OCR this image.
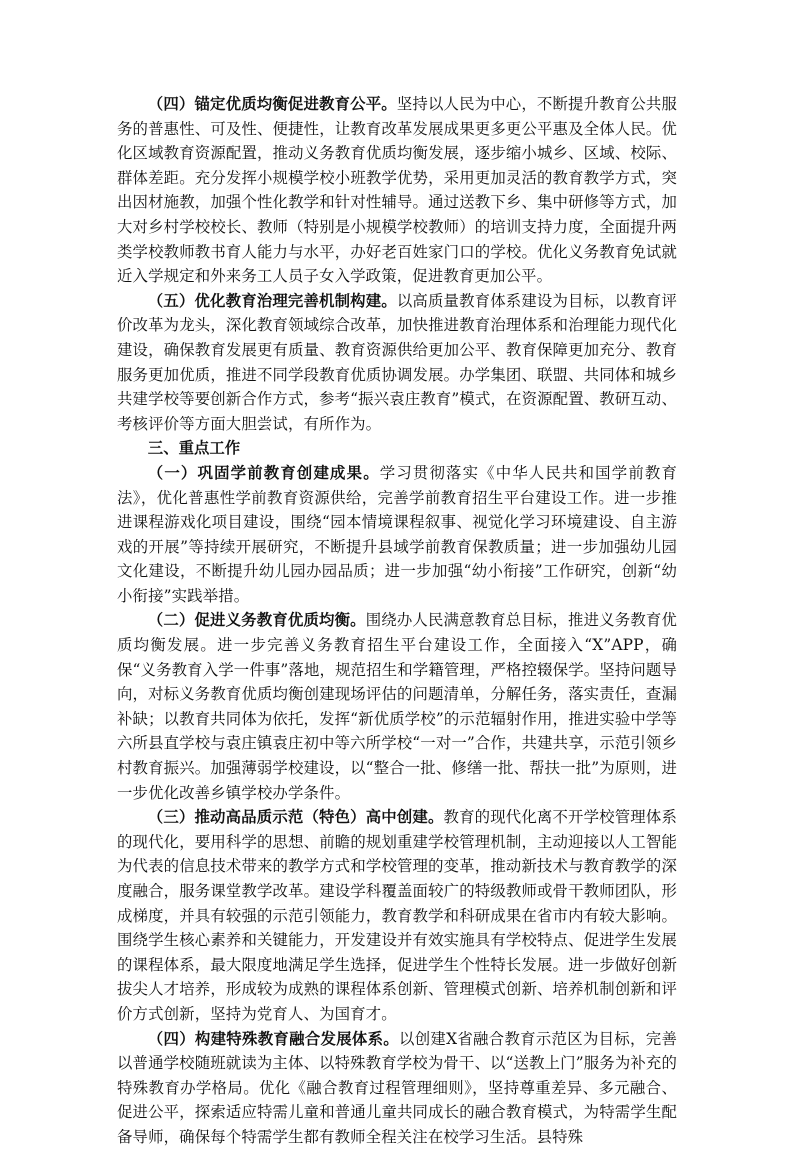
（四）锚定优质均衡促进教育公平。坚持以人民为中心，不断提升教育公共服务的普惠性、可及性、便捷性，让教育改革发展成果更多更公平惠及全体人民。优化区域教育资源配置，推动义务教育优质均衡发展，逐步缩小城乡、区域、校际、群体差距。充分发挥小规模学校小班教学优势，采用更加灵活的教育教学方式，突出因材施教，加强个性化教学和针对性辅导。通过送教下乡、集中研修等方式，加大对乡村学校校长、教师（特别是小规模学校教师）的培训支持力度，全面提升两类学校教师教书育人能力与水平，办好老百姓家门口的学校。优化义务教育免试就近入学规定和外来务工人员子女入学政策，促进教育更加公平。

（五）优化教育治理完善机制构建。以高质量教育体系建设为目标，以教育评价改革为龙头，深化教育领域综合改革，加快推进教育治理体系和治理能力现代化建设，确保教育发展更有质量、教育资源供给更加公平、教育保障更加充分、教育服务更加优质，推进不同学段教育优质协调发展。办学集团、联盟、共同体和城乡共建学校等要创新合作方式，参考“振兴袁庄教育”模式，在资源配置、教研互动、考核评价等方面大胆尝试，有所作为。

三、重点工作

（一）巩固学前教育创建成果。学习贯彻落实《中华人民共和国学前教育法》，优化普惠性学前教育资源供给，完善学前教育招生平台建设工作。进一步推进课程游戏化项目建设，围绕“园本情境课程叙事、视觉化学习环境建设、自主游戏的开展”等持续开展研究，不断提升县域学前教育保教质量；进一步加强幼儿园文化建设，不断提升幼儿园办园品质；进一步加强“幼小衔接”工作研究，创新“幼小衔接”实践举措。

（二）促进义务教育优质均衡。围绕办人民满意教育总目标，推进义务教育优质均衡发展。进一步完善义务教育招生平台建设工作，全面接入“X”APP，确保“义务教育入学一件事”落地，规范招生和学籍管理，严格控辍保学。坚持问题导向，对标义务教育优质均衡创建现场评估的问题清单，分解任务，落实责任，查漏补缺；以教育共同体为依托，发挥“新优质学校”的示范辐射作用，推进实验中学等六所县直学校与袁庄镇袁庄初中等六所学校“一对一”合作，共建共享，示范引领乡村教育振兴。加强薄弱学校建设，以“整合一批、修缮一批、帮扶一批”为原则，进一步优化改善乡镇学校办学条件。

（三）推动高品质示范（特色）高中创建。教育的现代化离不开学校管理体系的现代化，要用科学的思想、前瞻的规划重建学校管理机制，主动迎接以人工智能为代表的信息技术带来的教学方式和学校管理的变革，推动新技术与教育教学的深度融合，服务课堂教学改革。建设学科覆盖面较广的特级教师或骨干教师团队，形成梯度，并具有较强的示范引领能力，教育教学和科研成果在省市内有较大影响。围绕学生核心素养和关键能力，开发建设并有效实施具有学校特点、促进学生发展的课程体系，最大限度地满足学生选择，促进学生个性特长发展。进一步做好创新拔尖人才培养，形成较为成熟的课程体系创新、管理模式创新、培养机制创新和评价方式创新，坚持为党育人、为国育才。

（四）构建特殊教育融合发展体系。以创建X省融合教育示范区为目标，完善以普通学校随班就读为主体、以特殊教育学校为骨干、以“送教上门”服务为补充的特殊教育办学格局。优化《融合教育过程管理细则》，坚持尊重差异、多元融合、促进公平，探索适应特需儿童和普通儿童共同成长的融合教育模式，为特需学生配备导师，确保每个特需学生都有教师全程关注在校学习生活。县特殊
